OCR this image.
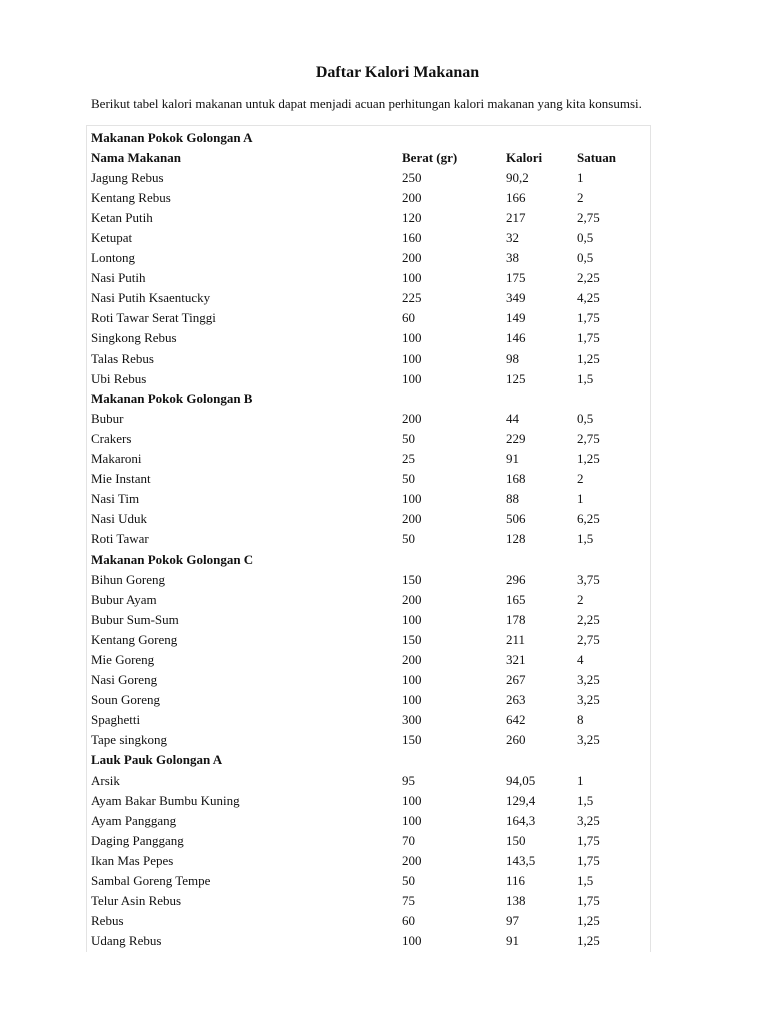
Daftar Kalori Makanan

Berikut tabel kalori makanan untuk dapat menjadi acuan perhitungan kalori makanan yang kita konsumsi.

Makanan Pokok Golongan A			
Nama Makanan	Berat (gr)	Kalori	Satuan
Jagung Rebus	250	90,2	1
Kentang Rebus	200	166	2
Ketan Putih	120	217	2,75
Ketupat	160	32	0,5
Lontong	200	38	0,5
Nasi Putih	100	175	2,25
Nasi Putih Ksaentucky	225	349	4,25
Roti Tawar Serat Tinggi	60	149	1,75
Singkong Rebus	100	146	1,75
Talas Rebus	100	98	1,25
Ubi Rebus	100	125	1,5
Makanan Pokok Golongan B			
Bubur	200	44	0,5
Crakers	50	229	2,75
Makaroni	25	91	1,25
Mie Instant	50	168	2
Nasi Tim	100	88	1
Nasi Uduk	200	506	6,25
Roti Tawar	50	128	1,5
Makanan Pokok Golongan C			
Bihun Goreng	150	296	3,75
Bubur Ayam	200	165	2
Bubur Sum-Sum	100	178	2,25
Kentang Goreng	150	211	2,75
Mie Goreng	200	321	4
Nasi Goreng	100	267	3,25
Soun Goreng	100	263	3,25
Spaghetti	300	642	8
Tape singkong	150	260	3,25
Lauk Pauk Golongan A			
Arsik	95	94,05	1
Ayam Bakar Bumbu Kuning	100	129,4	1,5
Ayam Panggang	100	164,3	3,25
Daging Panggang	70	150	1,75
Ikan Mas Pepes	200	143,5	1,75
Sambal Goreng Tempe	50	116	1,5
Telur Asin Rebus	75	138	1,75
Rebus	60	97	1,25
Udang Rebus	100	91	1,25
